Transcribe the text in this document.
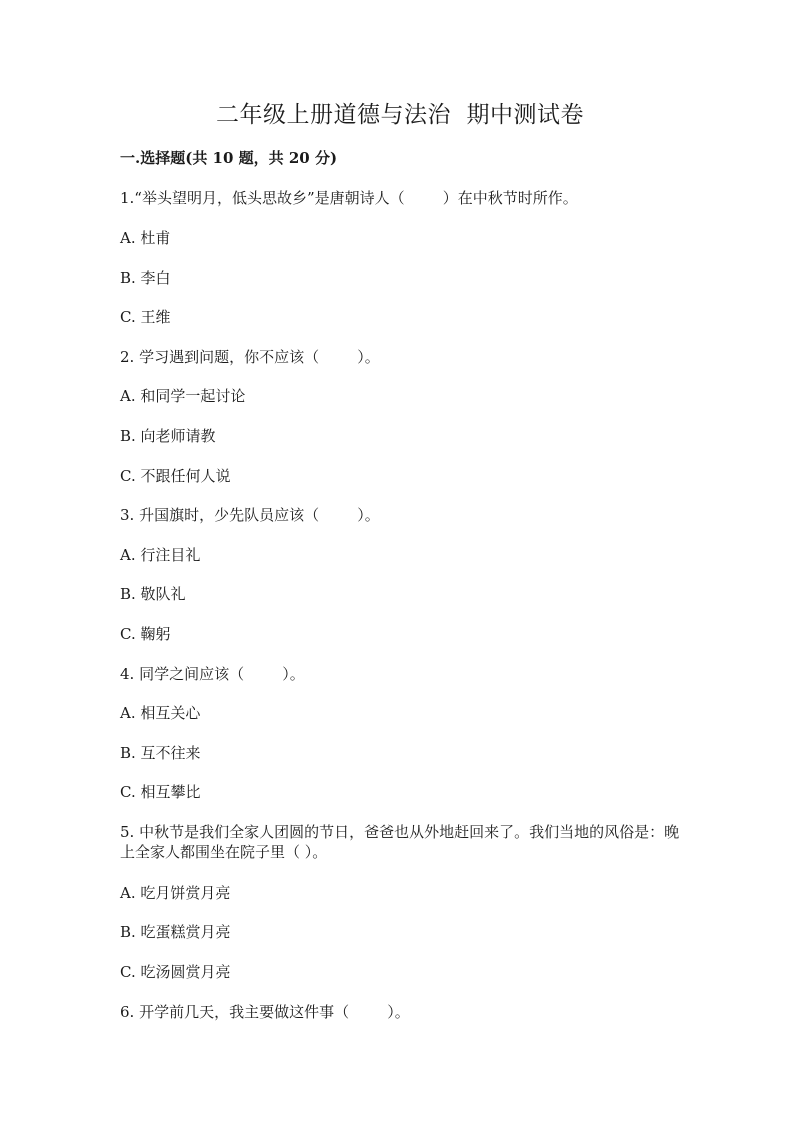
二年级上册道德与法治  期中测试卷
一.选择题(共 10 题，共 20 分)
1.“举头望明月，低头思故乡”是唐朝诗人（        ）在中秋节时所作。
A. 杜甫
B. 李白
C. 王维
2. 学习遇到问题，你不应该（        ）。
A. 和同学一起讨论
B. 向老师请教
C. 不跟任何人说
3. 升国旗时，少先队员应该（        ）。
A. 行注目礼
B. 敬队礼
C. 鞠躬
4. 同学之间应该（        ）。
A. 相互关心
B. 互不往来
C. 相互攀比
5. 中秋节是我们全家人团圆的节日，爸爸也从外地赶回来了。我们当地的风俗是：晚上全家人都围坐在院子里（ ）。
A. 吃月饼赏月亮
B. 吃蛋糕赏月亮
C. 吃汤圆赏月亮
6. 开学前几天，我主要做这件事（        ）。
